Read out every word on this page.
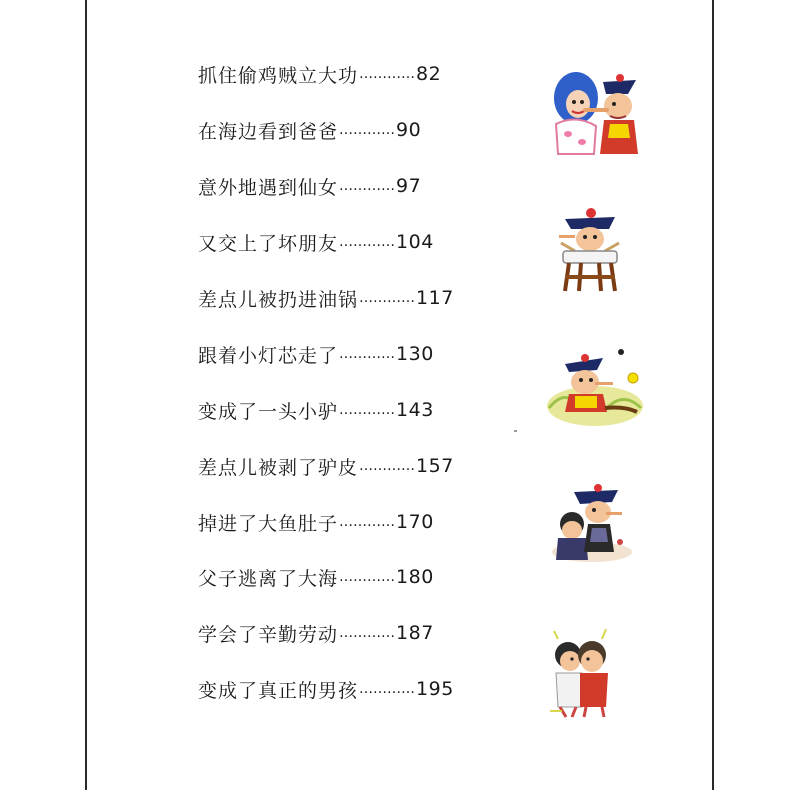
抓住偷鸡贼立大功 ………… 82
在海边看到爸爸 ………… 90
意外地遇到仙女 ………… 97
又交上了坏朋友 ………… 104
差点儿被扔进油锅 ………… 117
跟着小灯芯走了 ………… 130
变成了一头小驴 ………… 143
差点儿被剥了驴皮 ………… 157
掉进了大鱼肚子 ………… 170
父子逃离了大海 ………… 180
学会了辛勤劳动 ………… 187
变成了真正的男孩 ………… 195
